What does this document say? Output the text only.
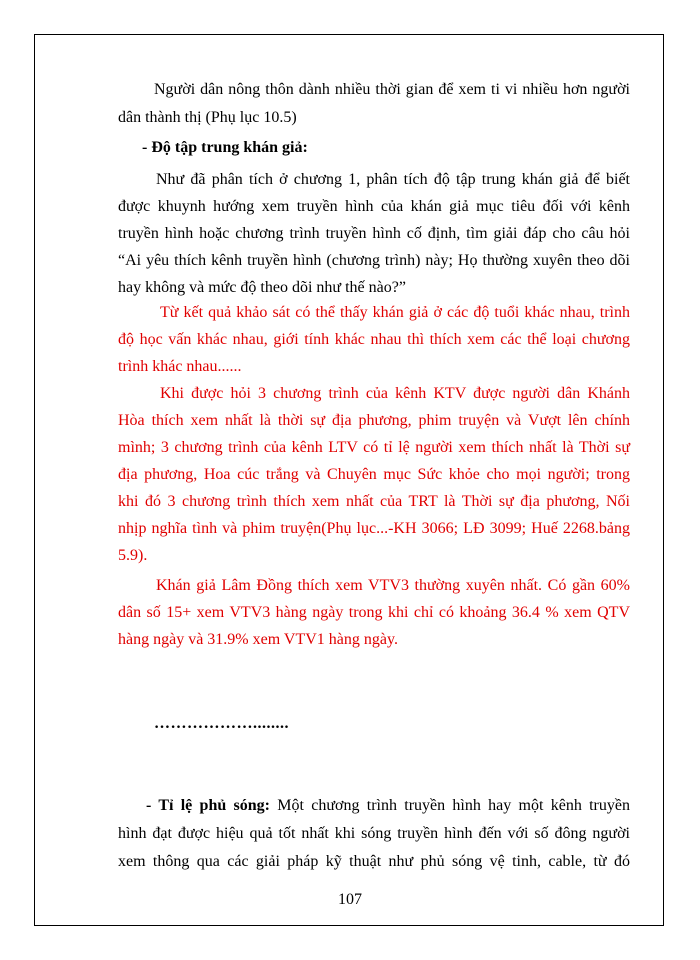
Người dân nông thôn dành nhiều thời gian để xem ti vi nhiều hơn người
dân thành thị (Phụ lục 10.5)
- Độ tập trung khán giả:
Như đã phân tích ở chương 1, phân tích độ tập trung khán giả để biết
được khuynh hướng xem truyền hình của khán giả mục tiêu đối với kênh
truyền hình hoặc chương trình truyền hình cố định, tìm giải đáp cho câu hỏi
“Ai yêu thích kênh truyền hình (chương trình) này; Họ thường xuyên theo dõi
hay không và mức độ theo dõi như thế nào?”
Từ kết quả khảo sát có thể thấy khán giả ở các độ tuổi khác nhau, trình
độ học vấn khác nhau, giới tính khác nhau thì thích xem các thể loại chương
trình khác nhau......
Khi được hỏi 3 chương trình của kênh KTV được người dân Khánh
Hòa thích xem nhất là thời sự địa phương, phim truyện và Vượt lên chính
mình; 3 chương trình của kênh LTV có tỉ lệ người xem thích nhất là Thời sự
địa phương, Hoa cúc trắng và Chuyên mục Sức khỏe cho mọi người; trong
khi đó 3 chương trình thích xem nhất của TRT là Thời sự địa phương, Nối
nhịp nghĩa tình và phim truyện(Phụ lục...-KH 3066; LĐ 3099; Huế 2268.bảng
5.9).
Khán giả Lâm Đồng thích xem VTV3 thường xuyên nhất. Có gần 60%
dân số 15+ xem VTV3 hàng ngày trong khi chỉ có khoảng 36.4 % xem QTV
hàng ngày và 31.9% xem VTV1 hàng ngày.
………………........
- Tỉ lệ phủ sóng: Một chương trình truyền hình hay một kênh truyền
hình đạt được hiệu quả tốt nhất khi sóng truyền hình đến với số đông người
xem thông qua các giải pháp kỹ thuật như phủ sóng vệ tinh, cable, từ đó
107
